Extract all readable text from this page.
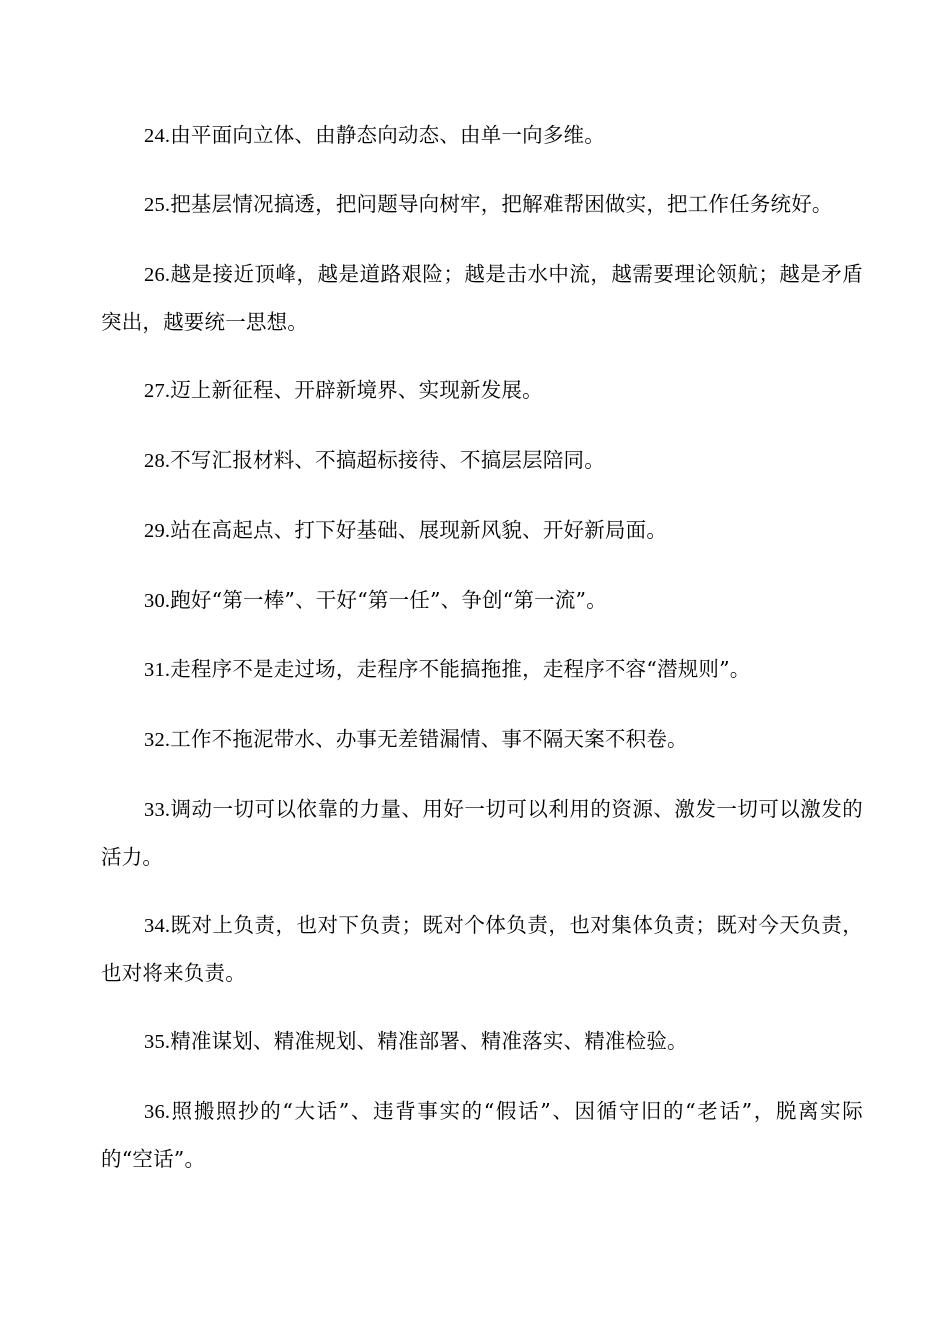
24.由平面向立体、由静态向动态、由单一向多维。

25.把基层情况搞透，把问题导向树牢，把解难帮困做实，把工作任务统好。

26.越是接近顶峰，越是道路艰险；越是击水中流，越需要理论领航；越是矛盾突出，越要统一思想。

27.迈上新征程、开辟新境界、实现新发展。

28.不写汇报材料、不搞超标接待、不搞层层陪同。

29.站在高起点、打下好基础、展现新风貌、开好新局面。

30.跑好“第一棒”、干好“第一任”、争创“第一流”。

31.走程序不是走过场，走程序不能搞拖推，走程序不容“潜规则”。

32.工作不拖泥带水、办事无差错漏情、事不隔天案不积卷。

33.调动一切可以依靠的力量、用好一切可以利用的资源、激发一切可以激发的活力。

34.既对上负责，也对下负责；既对个体负责，也对集体负责；既对今天负责，也对将来负责。

35.精准谋划、精准规划、精准部署、精准落实、精准检验。

36.照搬照抄的“大话”、违背事实的“假话”、因循守旧的“老话”，脱离实际的“空话”。
